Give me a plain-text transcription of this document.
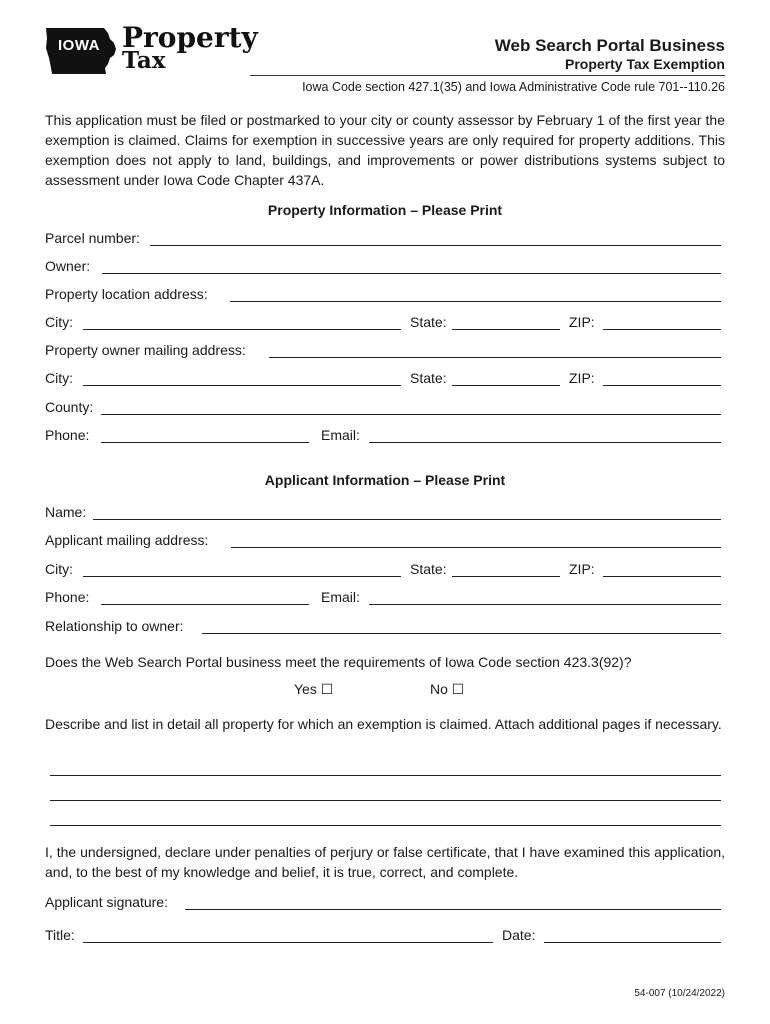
IOWA Property
Tax
Web Search Portal Business
Property Tax Exemption
Iowa Code section 427.1(35) and Iowa Administrative Code rule 701--110.26
This application must be filed or postmarked to your city or county assessor by February 1 of the first year the exemption is claimed. Claims for exemption in successive years are only required for property additions. This exemption does not apply to land, buildings, and improvements or power distributions systems subject to assessment under Iowa Code Chapter 437A.
Property Information – Please Print
Parcel number:
Owner:
Property location address:
City:	State:	ZIP:
Property owner mailing address:
City:	State:	ZIP:
County:
Phone:	Email:
Applicant Information – Please Print
Name:
Applicant mailing address:
City:	State:	ZIP:
Phone:	Email:
Relationship to owner:
Does the Web Search Portal business meet the requirements of Iowa Code section 423.3(92)?
Yes ☐	No ☐
Describe and list in detail all property for which an exemption is claimed. Attach additional pages if necessary.
I, the undersigned, declare under penalties of perjury or false certificate, that I have examined this application, and, to the best of my knowledge and belief, it is true, correct, and complete.
Applicant signature:
Title:	Date:
54-007 (10/24/2022)
